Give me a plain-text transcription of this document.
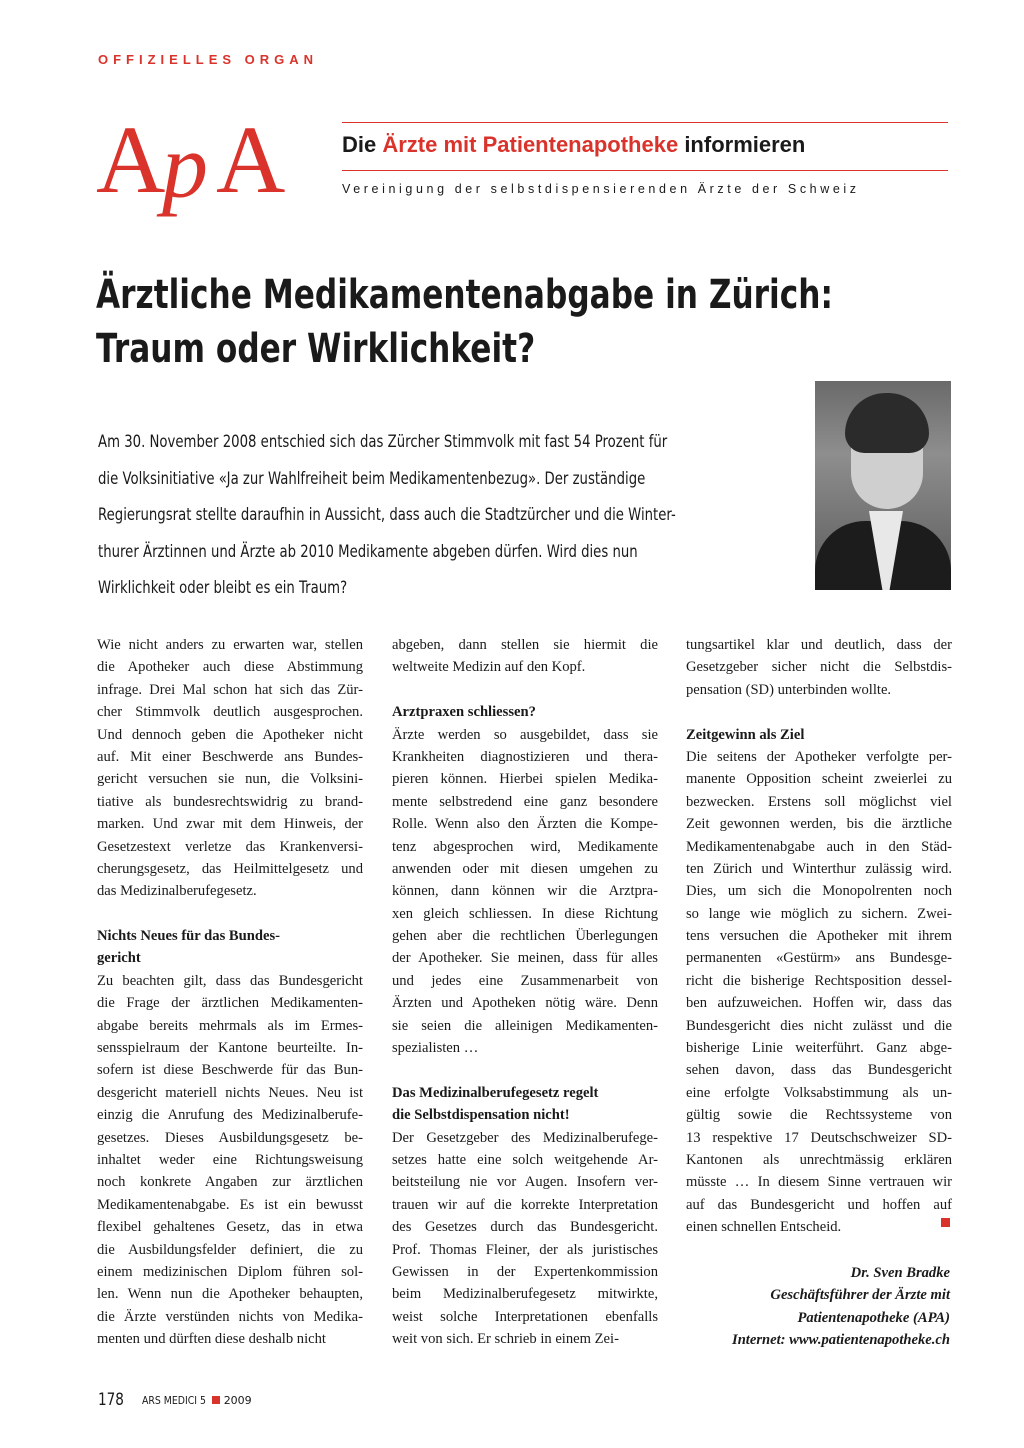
OFFIZIELLES ORGAN
A
p A	Die Ärzte mit Patientenapotheke informieren
Vereinigung der selbstdispensierenden Ärzte der Schweiz
Ärztliche Medikamentenabgabe in Zürich:
Traum oder Wirklichkeit?
Am 30. November 2008 entschied sich das Zürcher Stimmvolk mit fast 54 Prozent für
die Volksinitiative «Ja zur Wahlfreiheit beim Medikamentenbezug». Der zuständige
Regierungsrat stellte daraufhin in Aussicht, dass auch die Stadtzürcher und die Winter-
thurer Ärztinnen und Ärzte ab 2010 Medikamente abgeben dürfen. Wird dies nun
Wirklichkeit oder bleibt es ein Traum?
Wie nicht anders zu erwarten war, stellen
die Apotheker auch diese Abstimmung
infrage. Drei Mal schon hat sich das Zür-
cher Stimmvolk deutlich ausgesprochen.
Und dennoch geben die Apotheker nicht
auf. Mit einer Beschwerde ans Bundes-
gericht versuchen sie nun, die Volksini-
tiative als bundesrechtswidrig zu brand-
marken. Und zwar mit dem Hinweis, der
Gesetzestext verletze das Krankenversi-
cherungsgesetz, das Heilmittelgesetz und
das Medizinalberufegesetz.
Nichts Neues für das Bundes-
gericht
Zu beachten gilt, dass das Bundesgericht
die Frage der ärztlichen Medikamenten-
abgabe bereits mehrmals als im Ermes-
sensspielraum der Kantone beurteilte. In-
sofern ist diese Beschwerde für das Bun-
desgericht materiell nichts Neues. Neu ist
einzig die Anrufung des Medizinalberufe-
gesetzes. Dieses Ausbildungsgesetz be-
inhaltet weder eine Richtungsweisung
noch konkrete Angaben zur ärztlichen
Medikamentenabgabe. Es ist ein bewusst
flexibel gehaltenes Gesetz, das in etwa
die Ausbildungsfelder definiert, die zu
einem medizinischen Diplom führen sol-
len. Wenn nun die Apotheker behaupten,
die Ärzte verstünden nichts von Medika-
menten und dürften diese deshalb nicht
abgeben, dann stellen sie hiermit die
weltweite Medizin auf den Kopf.
Arztpraxen schliessen?
Ärzte werden so ausgebildet, dass sie
Krankheiten diagnostizieren und thera-
pieren können. Hierbei spielen Medika-
mente selbstredend eine ganz besondere
Rolle. Wenn also den Ärzten die Kompe-
tenz abgesprochen wird, Medikamente
anwenden oder mit diesen umgehen zu
können, dann können wir die Arztpra-
xen gleich schliessen. In diese Richtung
gehen aber die rechtlichen Überlegungen
der Apotheker. Sie meinen, dass für alles
und jedes eine Zusammenarbeit von
Ärzten und Apotheken nötig wäre. Denn
sie seien die alleinigen Medikamenten-
spezialisten …
Das Medizinalberufegesetz regelt
die Selbstdispensation nicht!
Der Gesetzgeber des Medizinalberufege-
setzes hatte eine solch weitgehende Ar-
beitsteilung nie vor Augen. Insofern ver-
trauen wir auf die korrekte Interpretation
des Gesetzes durch das Bundesgericht.
Prof. Thomas Fleiner, der als juristisches
Gewissen in der Expertenkommission
beim Medizinalberufegesetz mitwirkte,
weist solche Interpretationen ebenfalls
weit von sich. Er schrieb in einem Zei-
tungsartikel klar und deutlich, dass der
Gesetzgeber sicher nicht die Selbstdis-
pensation (SD) unterbinden wollte.
Zeitgewinn als Ziel
Die seitens der Apotheker verfolgte per-
manente Opposition scheint zweierlei zu
bezwecken. Erstens soll möglichst viel
Zeit gewonnen werden, bis die ärztliche
Medikamentenabgabe auch in den Städ-
ten Zürich und Winterthur zulässig wird.
Dies, um sich die Monopolrenten noch
so lange wie möglich zu sichern. Zwei-
tens versuchen die Apotheker mit ihrem
permanenten «Gestürm» ans Bundesge-
richt die bisherige Rechtsposition dessel-
ben aufzuweichen. Hoffen wir, dass das
Bundesgericht dies nicht zulässt und die
bisherige Linie weiterführt. Ganz abge-
sehen davon, dass das Bundesgericht
eine erfolgte Volksabstimmung als un-
gültig sowie die Rechtssysteme von
13 respektive 17 Deutschschweizer SD-
Kantonen als unrechtmässig erklären
müsste … In diesem Sinne vertrauen wir
auf das Bundesgericht und hoffen auf
einen schnellen Entscheid.
Dr. Sven Bradke
Geschäftsführer der Ärzte mit
Patientenapotheke (APA)
Internet: www.patientenapotheke.ch
178 ARS MEDICI 5 2009
